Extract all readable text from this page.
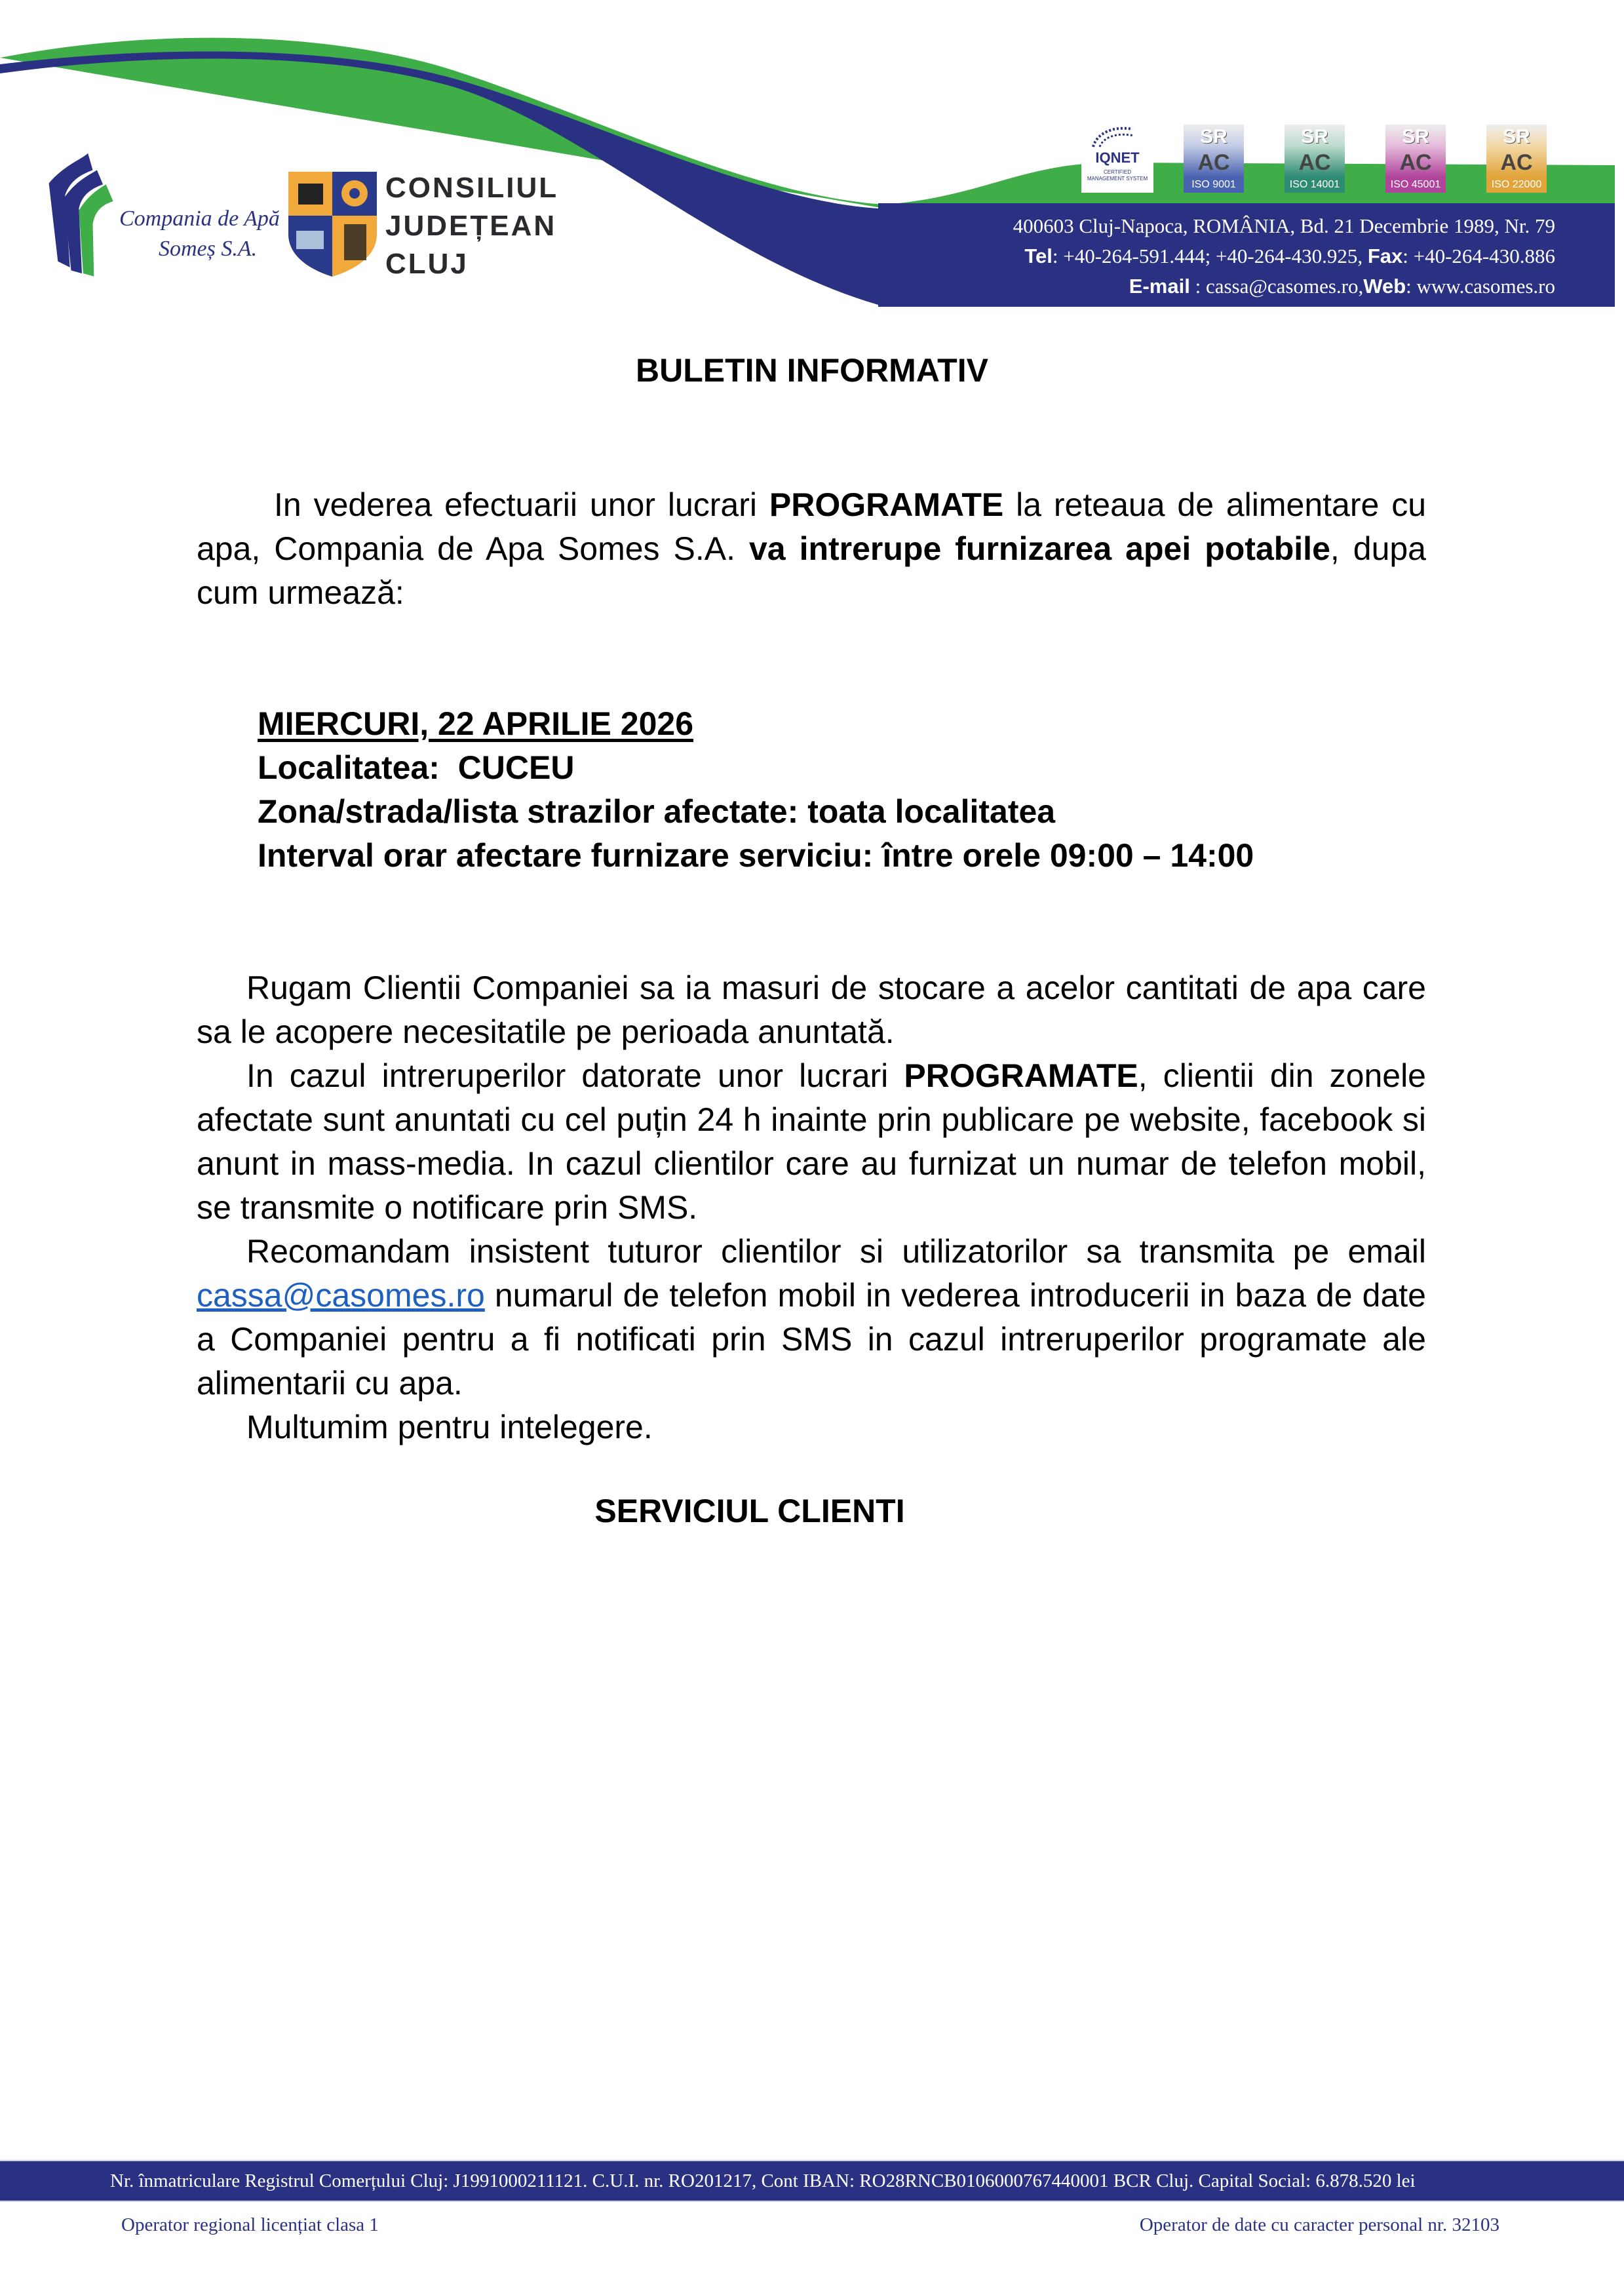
Compania de Apă
Someș S.A.
CONSILIUL
JUDEȚEAN
CLUJ
IQNET
CERTIFIED MANAGEMENT SYSTEM
SR
AC
ISO 9001
SR
AC
ISO 14001
SR
AC
ISO 45001
SR
AC
ISO 22000
400603 Cluj-Napoca, ROMÂNIA, Bd. 21 Decembrie 1989, Nr. 79
Tel: +40-264-591.444; +40-264-430.925, Fax: +40-264-430.886
E-mail : cassa@casomes.ro,Web: www.casomes.ro
BULETIN INFORMATIV

In vederea efectuarii unor lucrari PROGRAMATE la reteaua de alimentare cu apa, Compania de Apa Somes S.A. va intrerupe furnizarea apei potabile, dupa cum urmează:

MIERCURI, 22 APRILIE 2026
Localitatea: CUCEU
Zona/strada/lista strazilor afectate: toata localitatea
Interval orar afectare furnizare serviciu: între orele 09:00 – 14:00

Rugam Clientii Companiei sa ia masuri de stocare a acelor cantitati de apa care sa le acopere necesitatile pe perioada anuntată.

In cazul intreruperilor datorate unor lucrari PROGRAMATE, clientii din zonele afectate sunt anuntati cu cel puțin 24 h inainte prin publicare pe website, facebook si anunt in mass-media. In cazul clientilor care au furnizat un numar de telefon mobil, se transmite o notificare prin SMS.

Recomandam insistent tuturor clientilor si utilizatorilor sa transmita pe email cassa@casomes.ro numarul de telefon mobil in vederea introducerii in baza de date a Companiei pentru a fi notificati prin SMS in cazul intreruperilor programate ale alimentarii cu apa.

Multumim pentru intelegere.

SERVICIUL CLIENTI
Nr. înmatriculare Registrul Comerțului Cluj: J1991000211121. C.U.I. nr. RO201217, Cont IBAN: RO28RNCB0106000767440001 BCR Cluj. Capital Social: 6.878.520 lei
Operator regional licențiat clasa 1	Operator de date cu caracter personal nr. 32103
